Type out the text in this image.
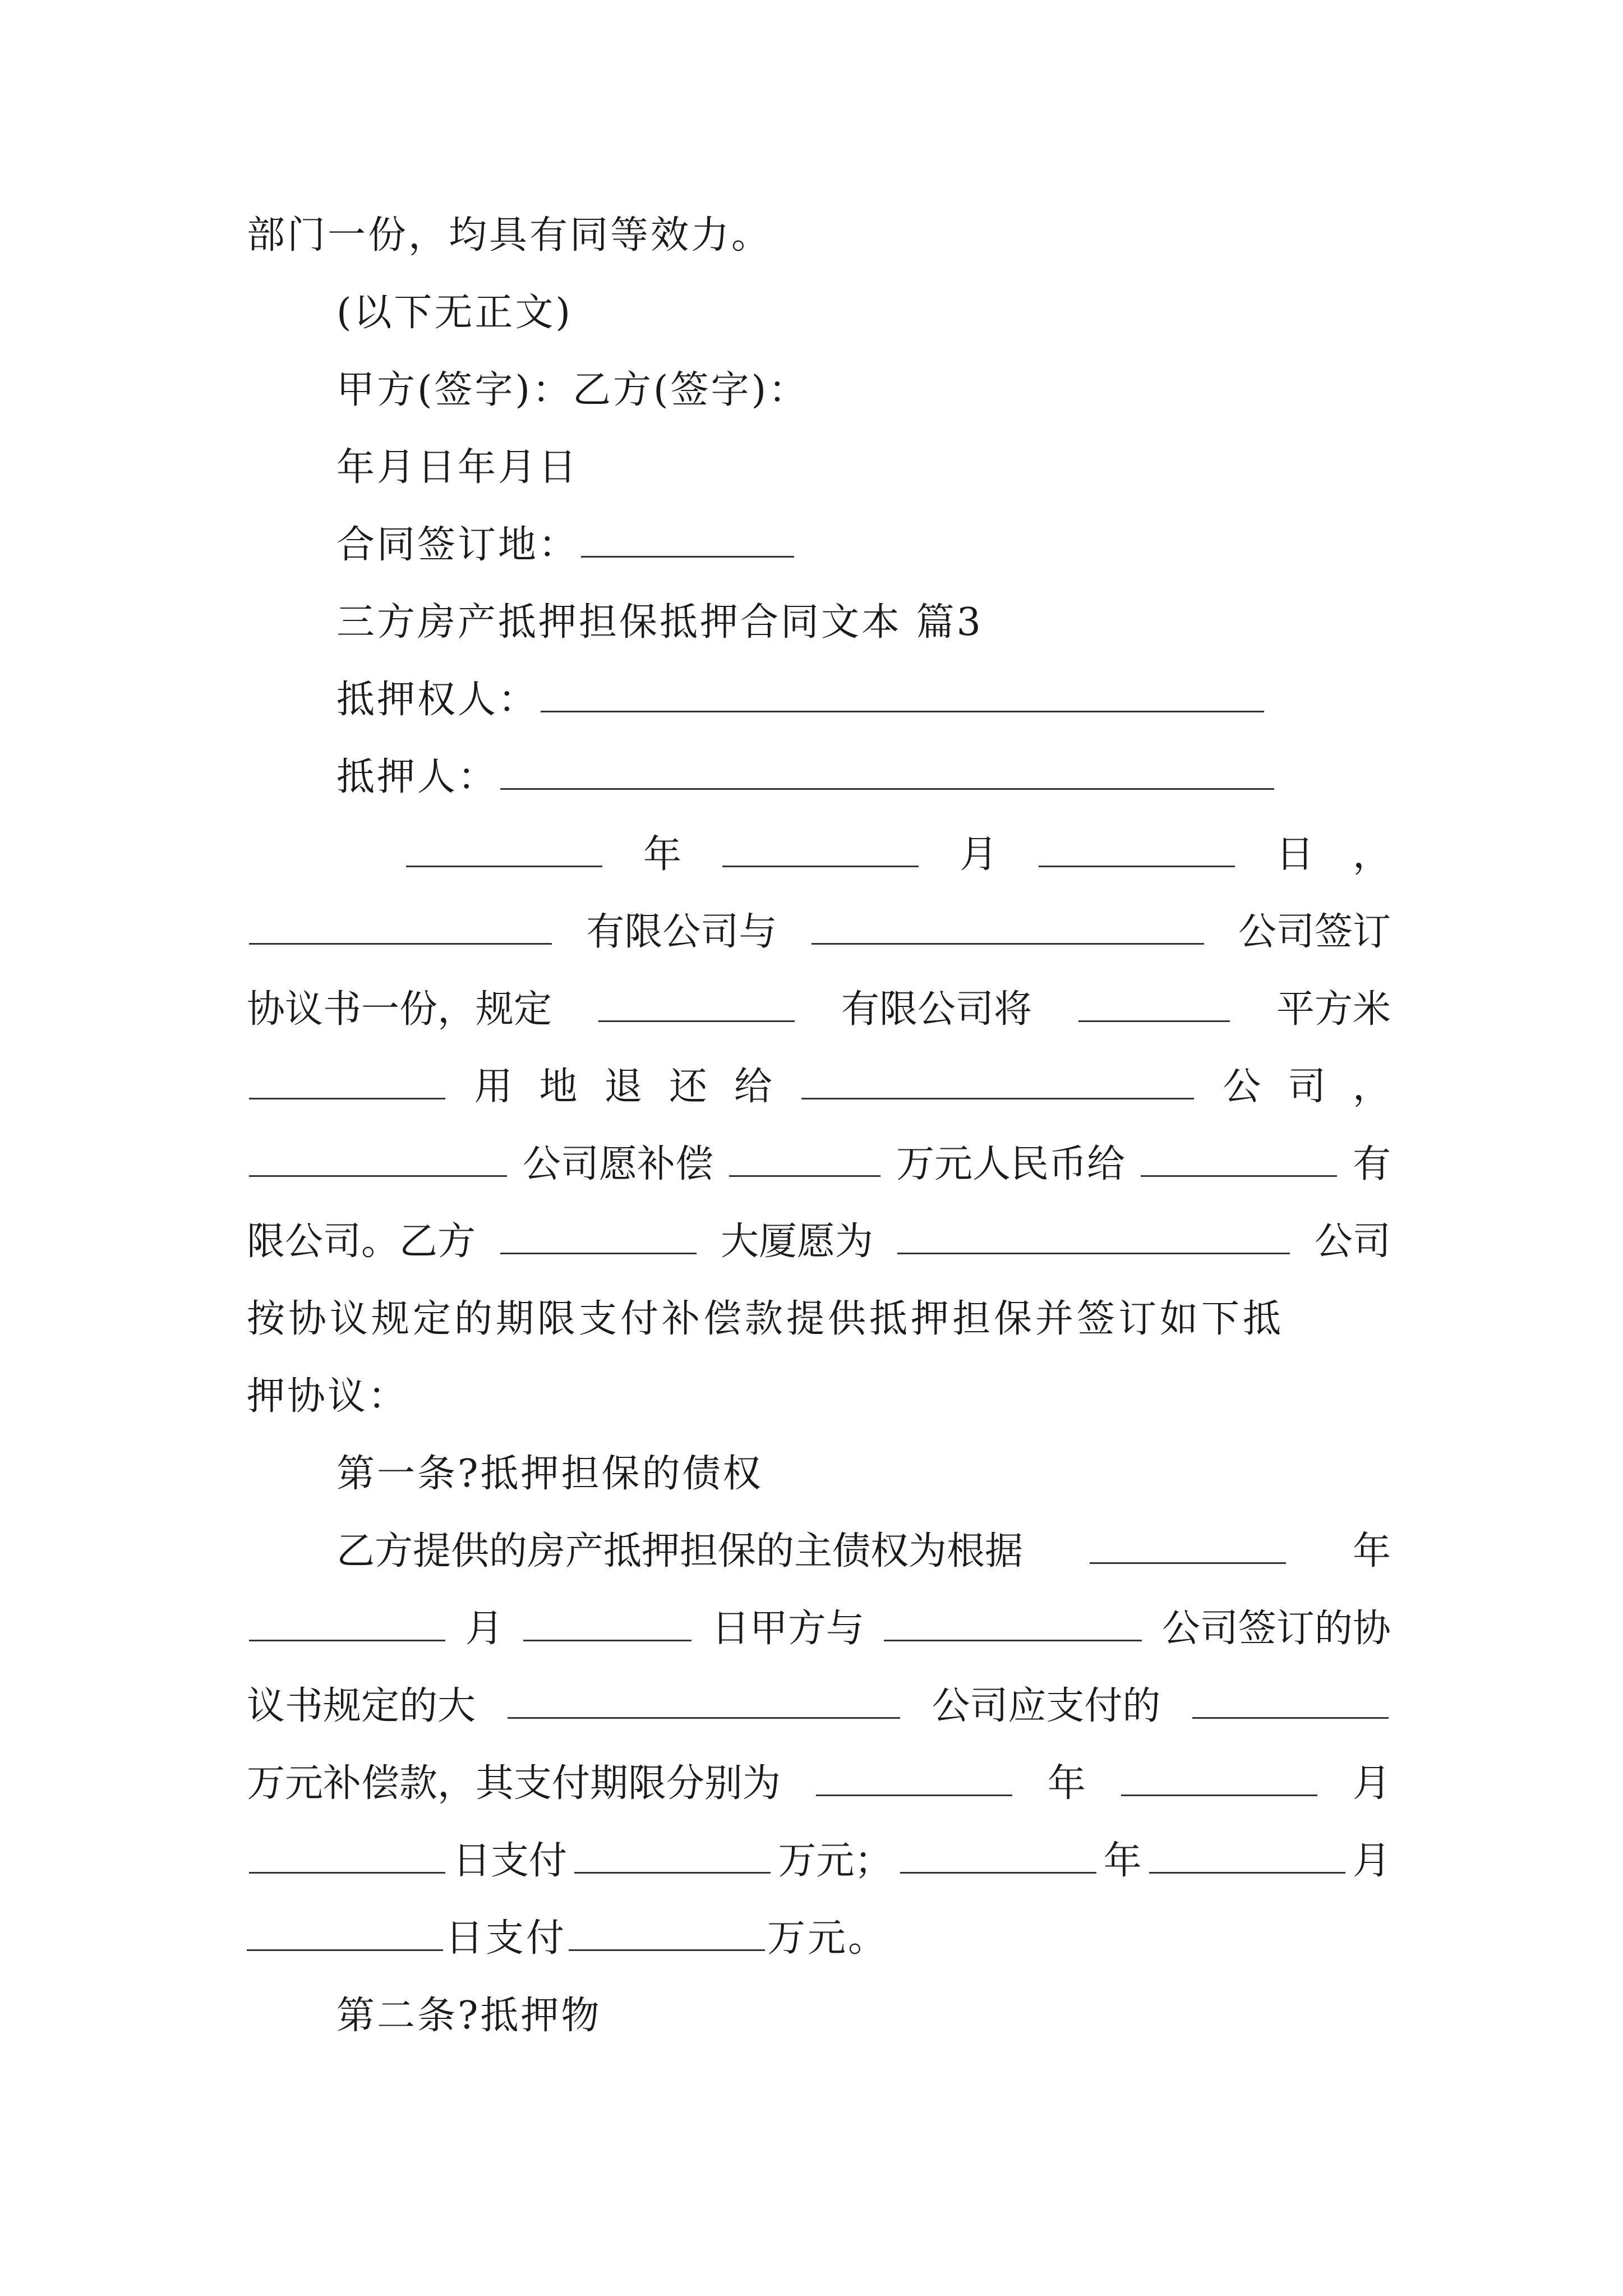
部门一份，均具有同等效力。
(以下无正文)
甲方(签字)：乙方(签字)：
年月日年月日
合同签订地：
三方房产抵押担保抵押合同文本 篇3
抵押权人：
抵押人：
年	月	日 ，
有限公司与	公司签订
协议书一份，规定	有限公司将	平方米
用 地 退 还 给	公 司 ，
公司愿补偿	万元人民币给	有
限公司。乙方	大厦愿为	公司
按协议规定的期限支付补偿款提供抵押担保并签订如下抵
押协议：
第一条?抵押担保的债权
乙方提供的房产抵押担保的主债权为根据	年
月	日甲方与	公司签订的协
议书规定的大	公司应支付的
万元补偿款，其支付期限分别为	年	月
日支付	万元；	年	月
日支付	万元。
第二条?抵押物
